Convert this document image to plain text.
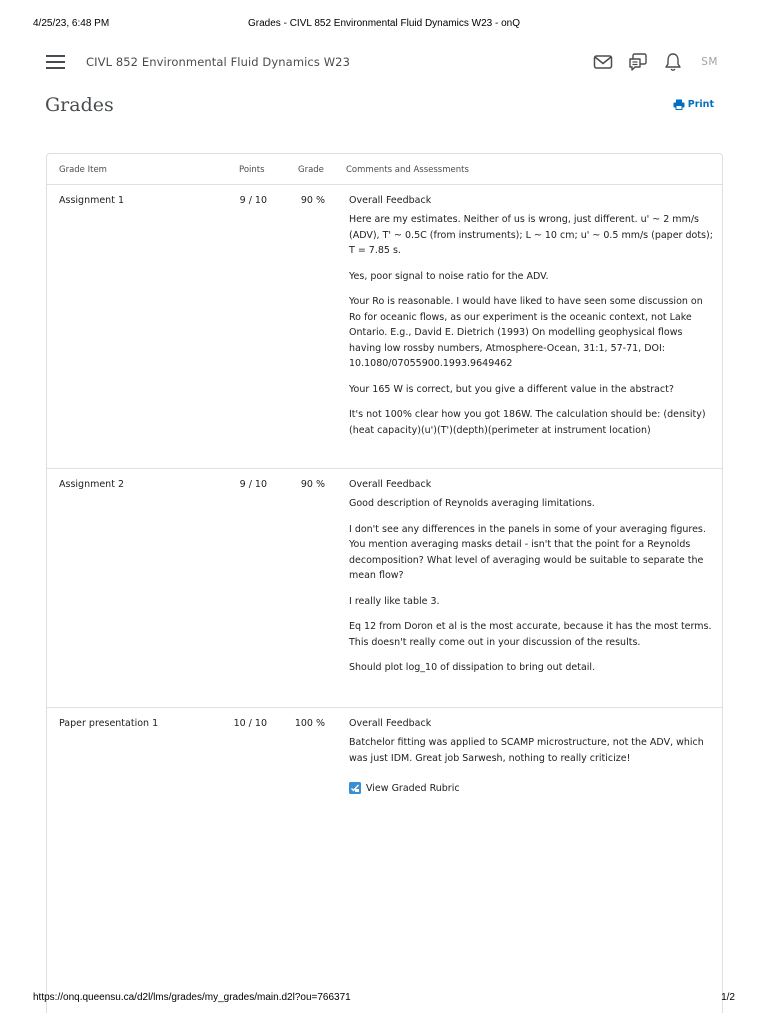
4/25/23, 6:48 PM	Grades - CIVL 852 Environmental Fluid Dynamics W23 - onQ
CIVL 852 Environmental Fluid Dynamics W23	SM
Grades	Print
Grade Item	Points	Grade	Comments and Assessments
Assignment 1	9 / 10	90 %	Overall Feedback

Here are my estimates. Neither of us is wrong, just different. u' ~ 2 mm/s (ADV), T' ~ 0.5C (from instruments); L ~ 10 cm; u' ~ 0.5 mm/s (paper dots); T = 7.85 s.

Yes, poor signal to noise ratio for the ADV.

Your Ro is reasonable. I would have liked to have seen some discussion on Ro for oceanic flows, as our experiment is the oceanic context, not Lake Ontario. E.g., David E. Dietrich (1993) On modelling geophysical flows having low rossby numbers, Atmosphere-Ocean, 31:1, 57-71, DOI: 10.1080/07055900.1993.9649462

Your 165 W is correct, but you give a different value in the abstract?

It's not 100% clear how you got 186W. The calculation should be: (density)(heat capacity)(u')(T')(depth)(perimeter at instrument location)

Assignment 2	9 / 10	90 %	Overall Feedback

Good description of Reynolds averaging limitations.

I don't see any differences in the panels in some of your averaging figures. You mention averaging masks detail - isn't that the point for a Reynolds decomposition? What level of averaging would be suitable to separate the mean flow?

I really like table 3.

Eq 12 from Doron et al is the most accurate, because it has the most terms. This doesn't really come out in your discussion of the results.

Should plot log_10 of dissipation to bring out detail.

Paper presentation 1	10 / 10	100 %	Overall Feedback

Batchelor fitting was applied to SCAMP microstructure, not the ADV, which was just IDM. Great job Sarwesh, nothing to really criticize!

View Graded Rubric
https://onq.queensu.ca/d2l/lms/grades/my_grades/main.d2l?ou=766371	1/2
